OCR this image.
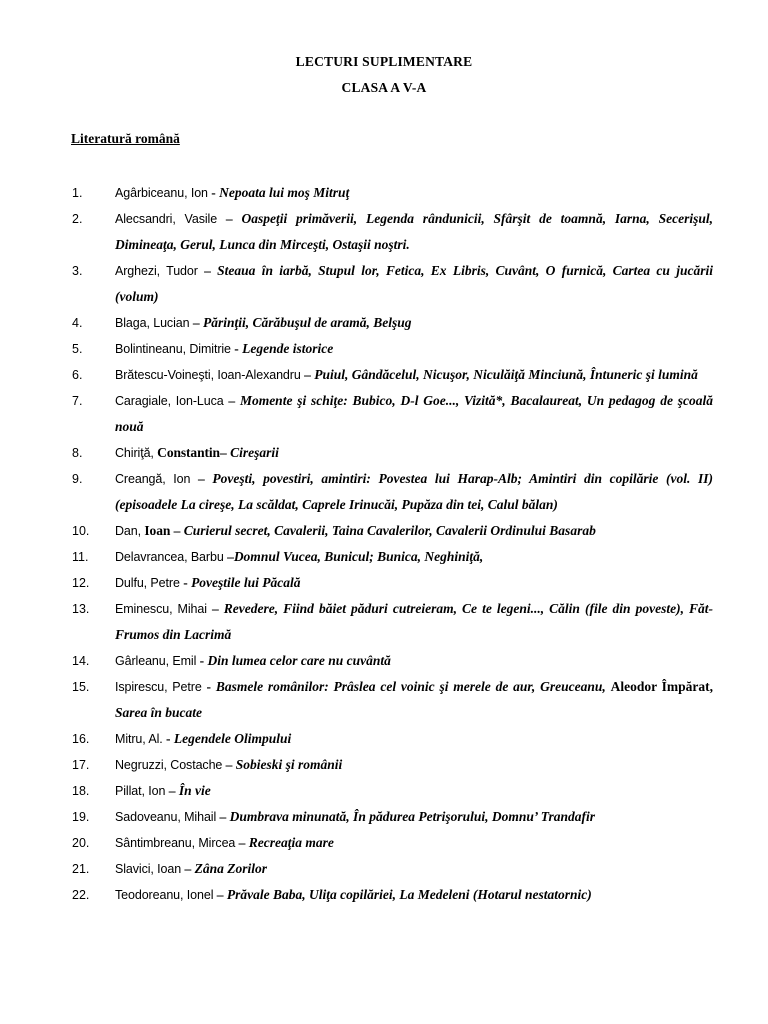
LECTURI SUPLIMENTARE
CLASA A V-A
Literatură română
1.	Agârbiceanu, Ion - Nepoata lui moş Mitruţ
2.	Alecsandri, Vasile – Oaspeţii primăverii, Legenda rândunicii, Sfârşit de toamnă, Iarna, Secerişul, Dimineaţa, Gerul, Lunca din Mirceşti, Ostaşii noştri.
3.	Arghezi, Tudor – Steaua în iarbă, Stupul lor, Fetica, Ex Libris, Cuvânt, O furnică, Cartea cu jucării (volum)
4.	Blaga, Lucian – Părinţii, Cărăbuşul de aramă, Belşug
5.	Bolintineanu, Dimitrie - Legende istorice
6.	Brătescu-Voineşti, Ioan-Alexandru – Puiul, Gândăcelul, Nicuşor, Niculăiţă Minciună, Întuneric şi lumină
7.	Caragiale, Ion-Luca – Momente şi schiţe: Bubico, D-l Goe..., Vizită*, Bacalaureat, Un pedagog de şcoală nouă
8.	Chiriţă, Constantin– Cireşarii
9.	Creangă, Ion – Poveşti, povestiri, amintiri: Povestea lui Harap-Alb; Amintiri din copilărie (vol. II) (episoadele La cireşe, La scăldat, Caprele Irinucăi, Pupăza din tei, Calul bălan)
10.	Dan, Ioan – Curierul secret, Cavalerii, Taina Cavalerilor, Cavalerii Ordinului Basarab
11.	Delavrancea, Barbu –Domnul Vucea, Bunicul; Bunica, Neghiniţă,
12.	Dulfu, Petre - Poveştile lui Păcală
13.	Eminescu, Mihai – Revedere, Fiind băiet păduri cutreieram, Ce te legeni..., Călin (file din poveste), Făt-Frumos din Lacrimă
14.	Gârleanu, Emil - Din lumea celor care nu cuvântă
15.	Ispirescu, Petre - Basmele românilor: Prâslea cel voinic şi merele de aur, Greuceanu, Aleodor Împărat, Sarea în bucate
16.	Mitru, Al. - Legendele Olimpului
17.	Negruzzi, Costache – Sobieski şi românii
18.	Pillat, Ion – În vie
19.	Sadoveanu, Mihail – Dumbrava minunată, În pădurea Petrişorului, Domnu’ Trandafir
20.	Sântimbreanu, Mircea – Recreaţia mare
21.	Slavici, Ioan – Zâna Zorilor
22.	Teodoreanu, Ionel – Prăvale Baba, Uliţa copilăriei, La Medeleni (Hotarul nestatornic)
